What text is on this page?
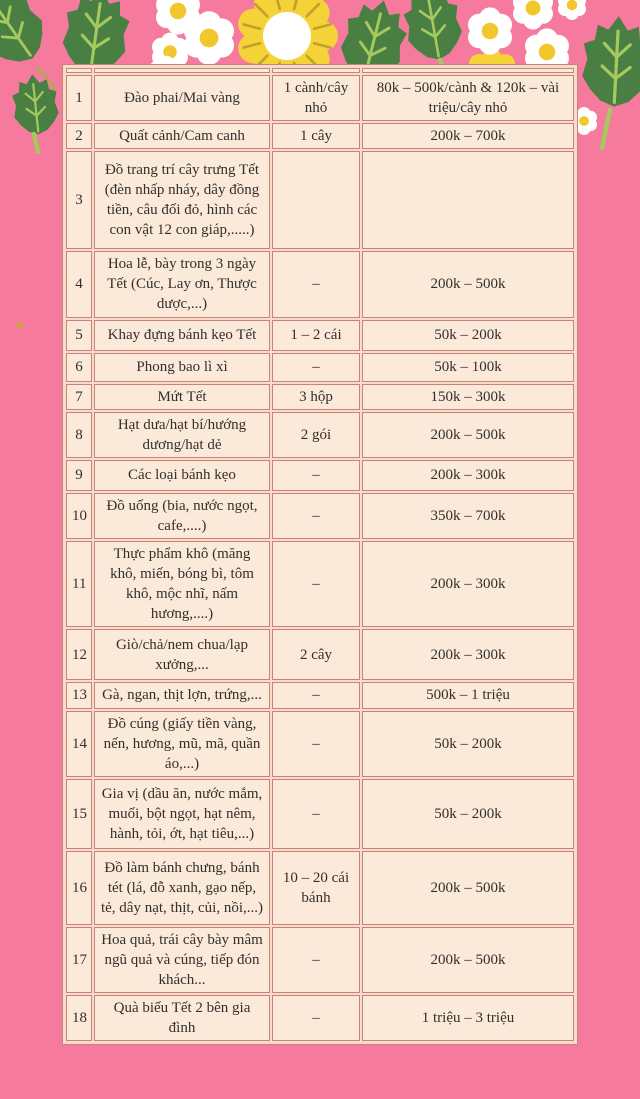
1	Đào phai/Mai vàng	1 cành/cây nhỏ	80k – 500k/cành & 120k – vài triệu/cây nhỏ
2	Quất cảnh/Cam canh	1 cây	200k – 700k
3	Đồ trang trí cây trưng Tết (đèn nhấp nháy, dây đồng tiền, câu đối đỏ, hình các con vật 12 con giáp,.....)		
4	Hoa lễ, bày trong 3 ngày Tết (Cúc, Lay ơn, Thược dược,...)	–	200k – 500k
5	Khay đựng bánh kẹo Tết	1 – 2 cái	50k – 200k
6	Phong bao lì xì	–	50k – 100k
7	Mứt Tết	3 hộp	150k – 300k
8	Hạt dưa/hạt bí/hướng dương/hạt dẻ	2 gói	200k – 500k
9	Các loại bánh kẹo	–	200k – 300k
10	Đồ uống (bia, nước ngọt, cafe,....)	–	350k – 700k
11	Thực phẩm khô (măng khô, miến, bóng bì, tôm khô, mộc nhĩ, nấm hương,....)	–	200k – 300k
12	Giò/chả/nem chua/lạp xưởng,...	2 cây	200k – 300k
13	Gà, ngan, thịt lợn, trứng,...	–	500k – 1 triệu
14	Đồ cúng (giấy tiền vàng, nến, hương, mũ, mã, quần áo,...)	–	50k – 200k
15	Gia vị (dầu ăn, nước mắm, muối, bột ngọt, hạt nêm, hành, tỏi, ớt, hạt tiêu,...)	–	50k – 200k
16	Đồ làm bánh chưng, bánh tét (lá, đỗ xanh, gạo nếp, tẻ, dây nạt, thịt, củi, nồi,...)	10 – 20 cái bánh	200k – 500k
17	Hoa quả, trái cây bày mâm ngũ quả và cúng, tiếp đón khách...	–	200k – 500k
18	Quà biếu Tết 2 bên gia đình	–	1 triệu – 3 triệu
